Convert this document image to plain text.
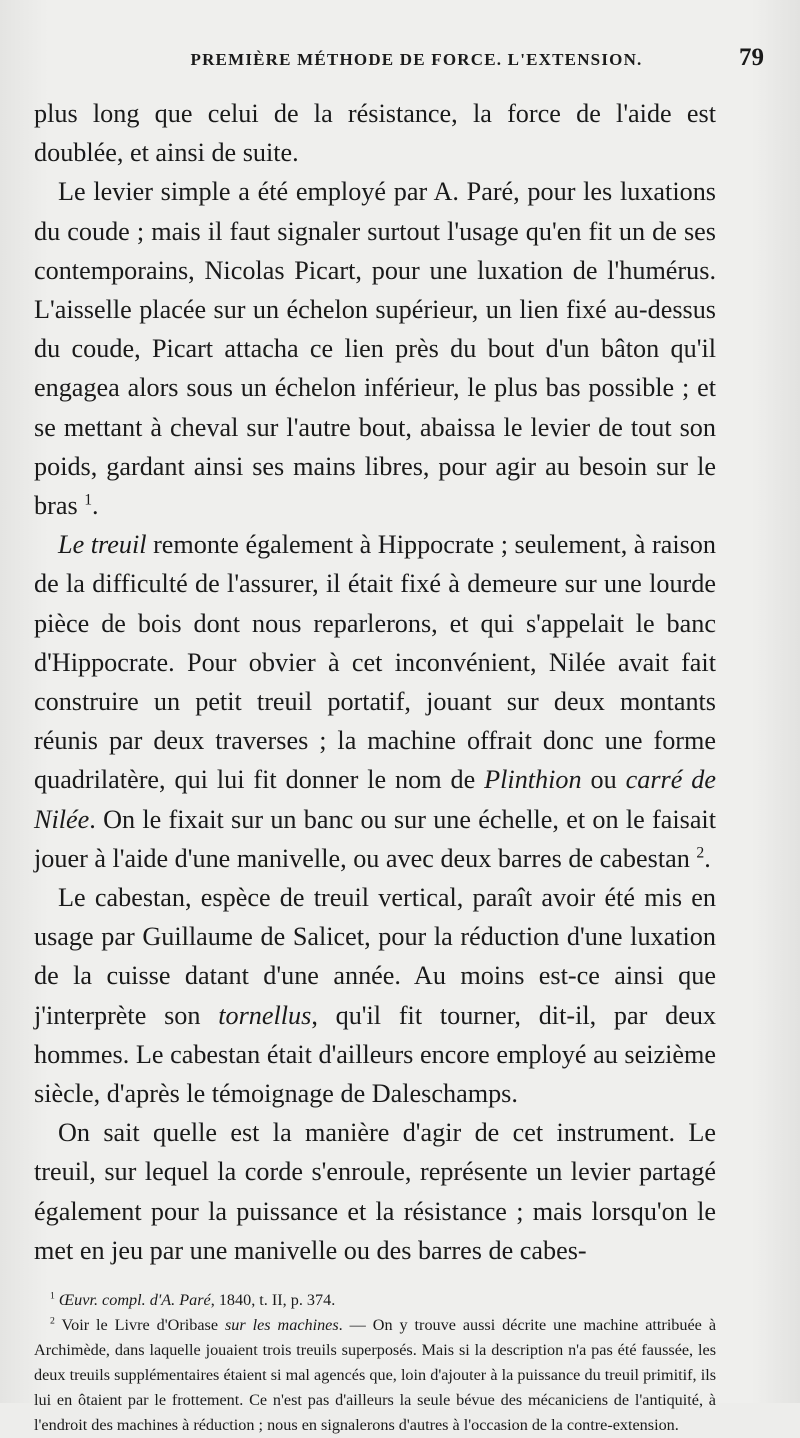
PREMIÈRE MÉTHODE DE FORCE. L'EXTENSION.	79

plus long que celui de la résistance, la force de l'aide est doublée, et ainsi de suite.

Le levier simple a été employé par A. Paré, pour les luxations du coude ; mais il faut signaler surtout l'usage qu'en fit un de ses contemporains, Nicolas Picart, pour une luxation de l'humérus. L'aisselle placée sur un échelon supérieur, un lien fixé au-dessus du coude, Picart attacha ce lien près du bout d'un bâton qu'il engagea alors sous un échelon inférieur, le plus bas possible ; et se mettant à cheval sur l'autre bout, abaissa le levier de tout son poids, gardant ainsi ses mains libres, pour agir au besoin sur le bras $^1$.

Le treuil remonte également à Hippocrate ; seulement, à raison de la difficulté de l'assurer, il était fixé à demeure sur une lourde pièce de bois dont nous reparlerons, et qui s'appelait le banc d'Hippocrate. Pour obvier à cet inconvénient, Nilée avait fait construire un petit treuil portatif, jouant sur deux montants réunis par deux traverses ; la machine offrait donc une forme quadrilatère, qui lui fit donner le nom de Plinthion ou carré de Nilée. On le fixait sur un banc ou sur une échelle, et on le faisait jouer à l'aide d'une manivelle, ou avec deux barres de cabestan $^2$.

Le cabestan, espèce de treuil vertical, paraît avoir été mis en usage par Guillaume de Salicet, pour la réduction d'une luxation de la cuisse datant d'une année. Au moins est-ce ainsi que j'interprète son tornellus, qu'il fit tourner, dit-il, par deux hommes. Le cabestan était d'ailleurs encore employé au seizième siècle, d'après le témoignage de Daleschamps.

On sait quelle est la manière d'agir de cet instrument. Le treuil, sur lequel la corde s'enroule, représente un levier partagé également pour la puissance et la résistance ; mais lorsqu'on le met en jeu par une manivelle ou des barres de cabes-

$^1$ Œuvr. compl. d'A. Paré, 1840, t. II, p. 374.

$^2$ Voir le Livre d'Oribase sur les machines. — On y trouve aussi décrite une machine attribuée à Archimède, dans laquelle jouaient trois treuils superposés. Mais si la description n'a pas été faussée, les deux treuils supplémentaires étaient si mal agencés que, loin d'ajouter à la puissance du treuil primitif, ils lui en ôtaient par le frottement. Ce n'est pas d'ailleurs la seule bévue des mécaniciens de l'antiquité, à l'endroit des machines à réduction ; nous en signalerons d'autres à l'occasion de la contre-extension.
